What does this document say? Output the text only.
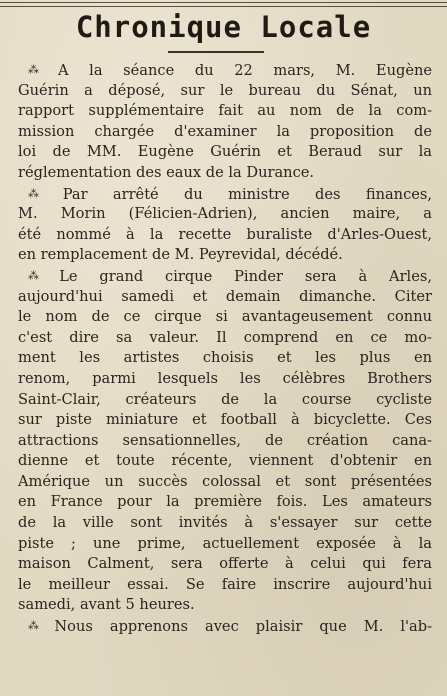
Chronique Locale
⁂ A la séance du 22 mars, M. Eugène
Guérin a déposé, sur le bureau du Sénat, un
rapport supplémentaire fait au nom de la com-
mission chargée d'examiner la proposition de
loi de MM. Eugène Guérin et Beraud sur la
réglementation des eaux de la Durance.
⁂ Par arrêté du ministre des finances,
M. Morin (Félicien-Adrien), ancien maire, a
été nommé à la recette buraliste d'Arles-Ouest,
en remplacement de M. Peyrevidal, décédé.
⁂ Le grand cirque Pinder sera à Arles,
aujourd'hui samedi et demain dimanche. Citer
le nom de ce cirque si avantageusement connu
c'est dire sa valeur. Il comprend en ce mo-
ment les artistes choisis et les plus en
renom, parmi lesquels les célèbres Brothers
Saint-Clair, créateurs de la course cycliste
sur piste miniature et football à bicyclette. Ces
attractions sensationnelles, de création cana-
dienne et toute récente, viennent d'obtenir en
Amérique un succès colossal et sont présentées
en France pour la première fois. Les amateurs
de la ville sont invités à s'essayer sur cette
piste ; une prime, actuellement exposée à la
maison Calment, sera offerte à celui qui fera
le meilleur essai. Se faire inscrire aujourd'hui
samedi, avant 5 heures.
⁂ Nous apprenons avec plaisir que M. l'ab-
